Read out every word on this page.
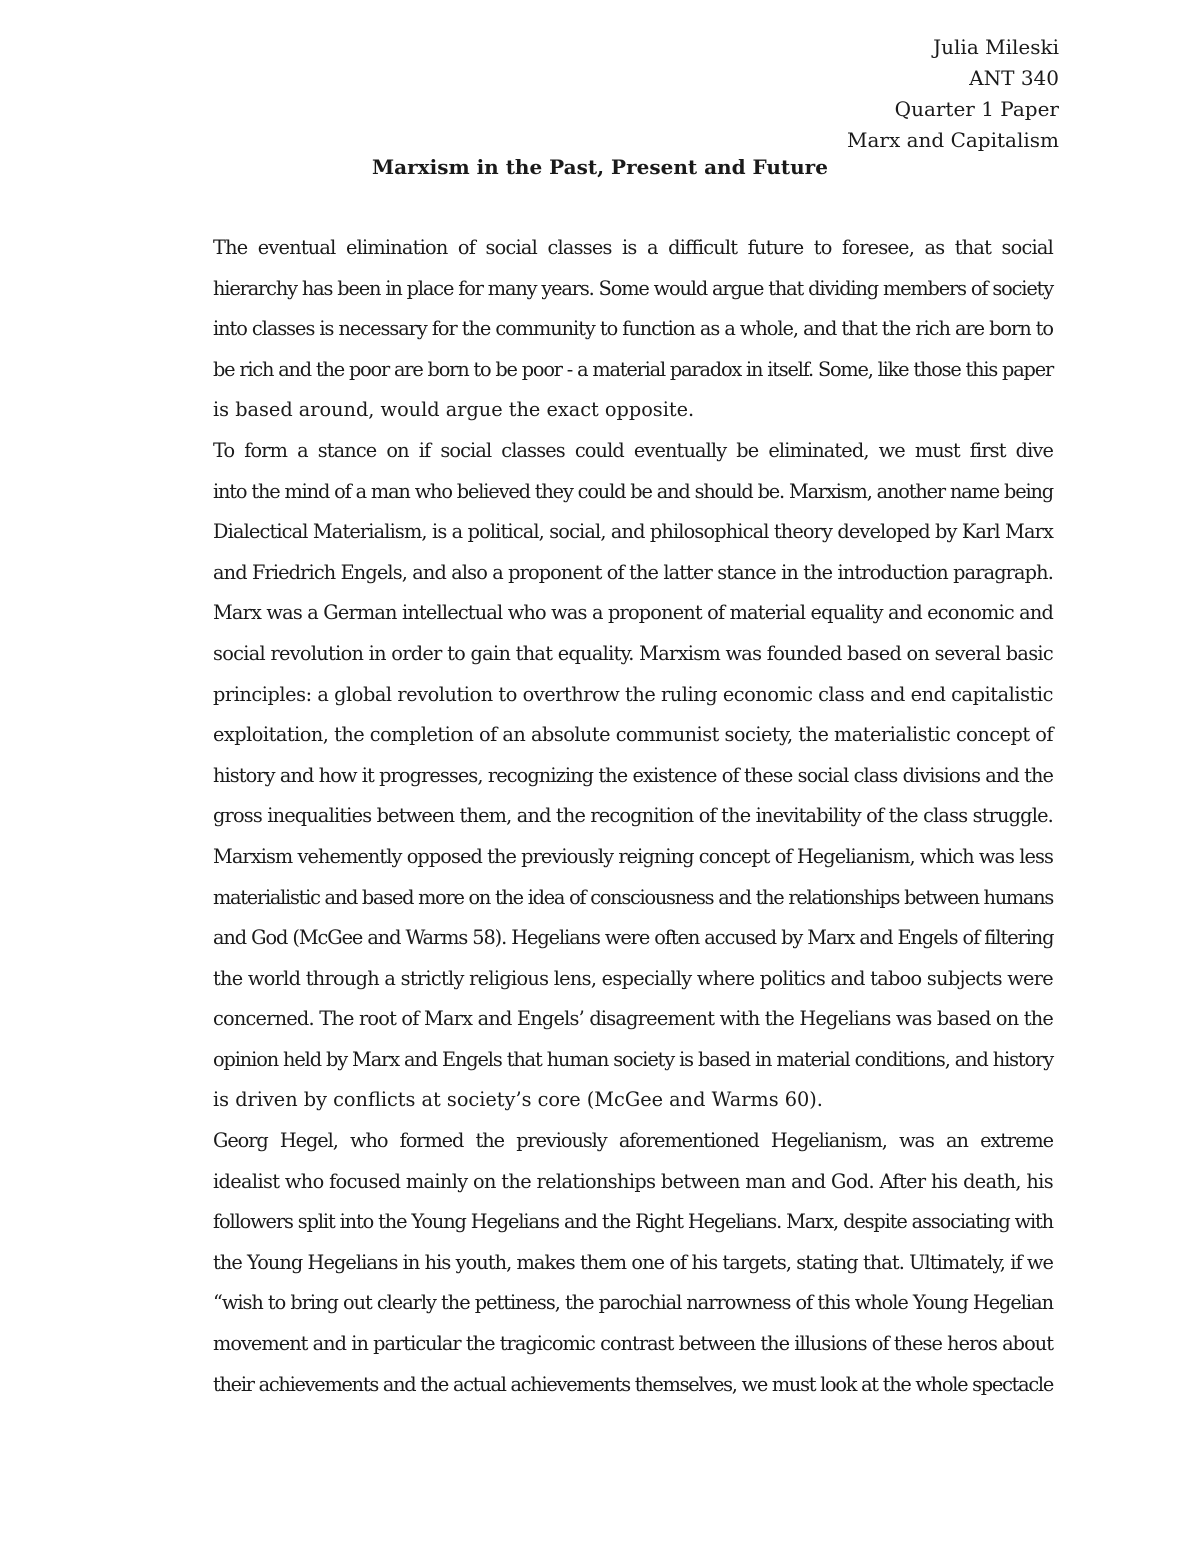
Julia Mileski
ANT 340
Quarter 1 Paper
Marx and Capitalism
Marxism in the Past, Present and Future

The eventual elimination of social classes is a difficult future to foresee, as that social
hierarchy has been in place for many years. Some would argue that dividing members of society
into classes is necessary for the community to function as a whole, and that the rich are born to
be rich and the poor are born to be poor - a material paradox in itself. Some, like those this paper
is based around, would argue the exact opposite.

To form a stance on if social classes could eventually be eliminated, we must first dive
into the mind of a man who believed they could be and should be. Marxism, another name being
Dialectical Materialism, is a political, social, and philosophical theory developed by Karl Marx
and Friedrich Engels, and also a proponent of the latter stance in the introduction paragraph.
Marx was a German intellectual who was a proponent of material equality and economic and
social revolution in order to gain that equality. Marxism was founded based on several basic
principles: a global revolution to overthrow the ruling economic class and end capitalistic
exploitation, the completion of an absolute communist society, the materialistic concept of
history and how it progresses, recognizing the existence of these social class divisions and the
gross inequalities between them, and the recognition of the inevitability of the class struggle.
Marxism vehemently opposed the previously reigning concept of Hegelianism, which was less
materialistic and based more on the idea of consciousness and the relationships between humans
and God (McGee and Warms 58). Hegelians were often accused by Marx and Engels of filtering
the world through a strictly religious lens, especially where politics and taboo subjects were
concerned. The root of Marx and Engels’ disagreement with the Hegelians was based on the
opinion held by Marx and Engels that human society is based in material conditions, and history
is driven by conflicts at society’s core (McGee and Warms 60).

Georg Hegel, who formed the previously aforementioned Hegelianism, was an extreme
idealist who focused mainly on the relationships between man and God. After his death, his
followers split into the Young Hegelians and the Right Hegelians. Marx, despite associating with
the Young Hegelians in his youth, makes them one of his targets, stating that. Ultimately, if we
“wish to bring out clearly the pettiness, the parochial narrowness of this whole Young Hegelian
movement and in particular the tragicomic contrast between the illusions of these heros about
their achievements and the actual achievements themselves, we must look at the whole spectacle
